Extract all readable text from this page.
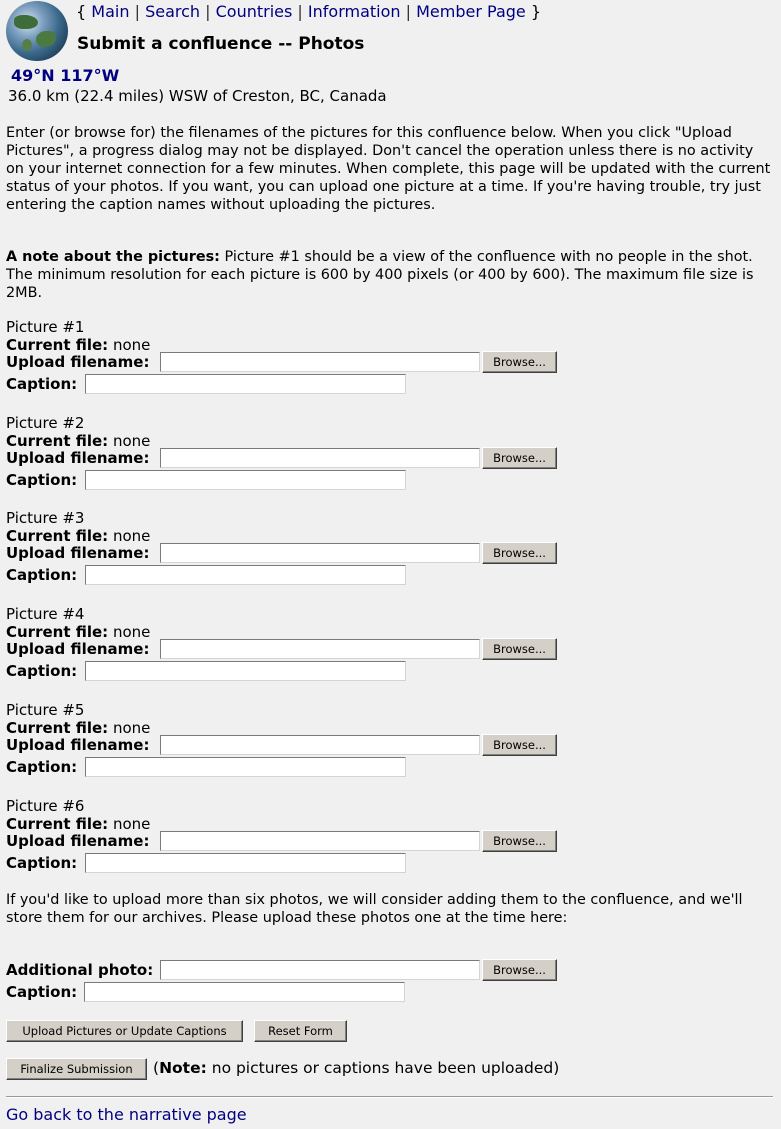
{ Main | Search | Countries | Information | Member Page }
Submit a confluence -- Photos
49°N 117°W
36.0 km (22.4 miles) WSW of Creston, BC, Canada

Enter (or browse for) the filenames of the pictures for this confluence below. When you click "Upload Pictures", a progress dialog may not be displayed. Don't cancel the operation unless there is no activity on your internet connection for a few minutes. When complete, this page will be updated with the current status of your photos. If you want, you can upload one picture at a time. If you're having trouble, try just entering the caption names without uploading the pictures.

A note about the pictures: Picture #1 should be a view of the confluence with no people in the shot. The minimum resolution for each picture is 600 by 400 pixels (or 400 by 600). The maximum file size is 2MB.

Picture #1
Current file: none
Upload filename:	Browse...
Caption:
Picture #2
Current file: none
Upload filename:	Browse...
Caption:
Picture #3
Current file: none
Upload filename:	Browse...
Caption:
Picture #4
Current file: none
Upload filename:	Browse...
Caption:
Picture #5
Current file: none
Upload filename:	Browse...
Caption:
Picture #6
Current file: none
Upload filename:	Browse...
Caption:

If you'd like to upload more than six photos, we will consider adding them to the confluence, and we'll store them for our archives. Please upload these photos one at the time here:

Additional photo:	Browse...
Caption:
Upload Pictures or Update Captions	Reset Form
Finalize Submission	(Note: no pictures or captions have been uploaded)
Go back to the narrative page
